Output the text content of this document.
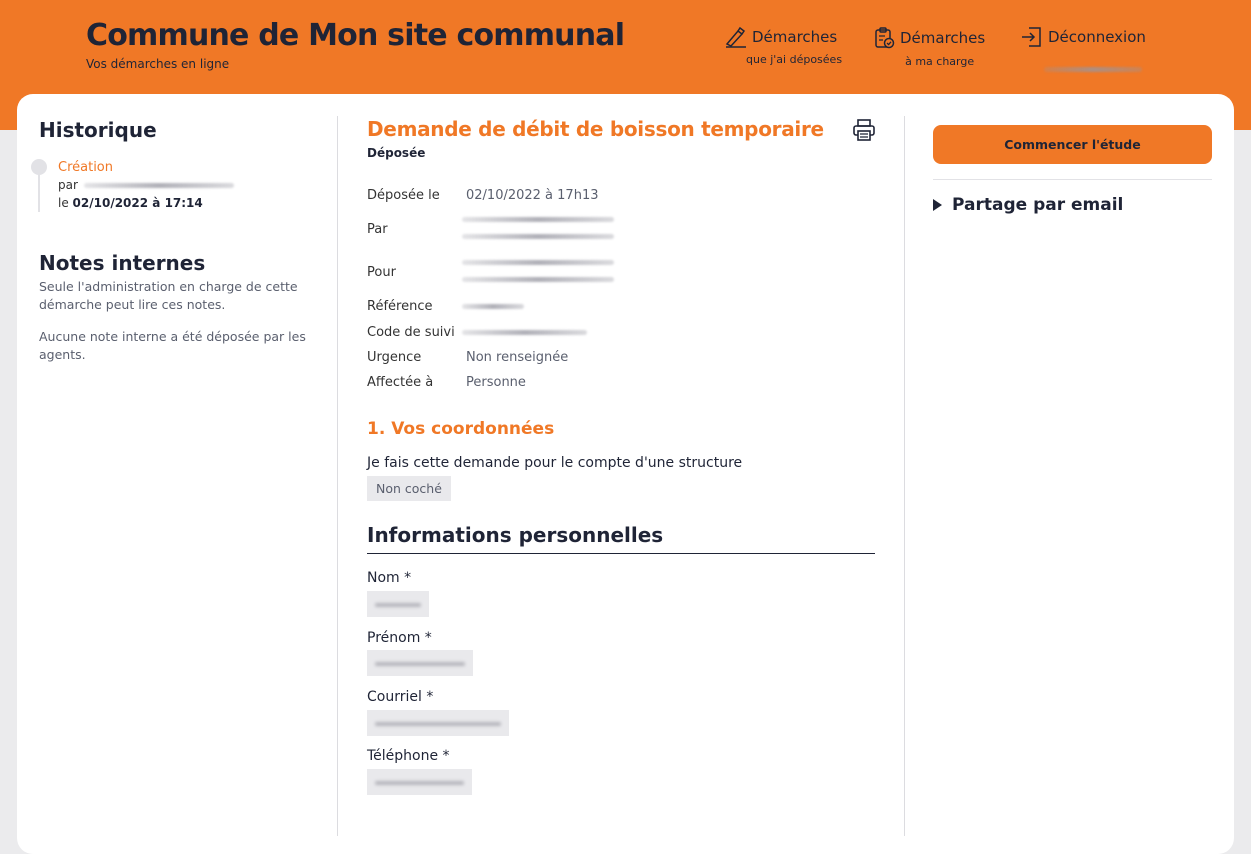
Commune de Mon site communal
Vos démarches en ligne
Démarches
que j'ai déposées
Démarches
à ma charge
Déconnexion
Historique
Création
par
le 02/10/2022 à 17:14
Notes internes

Seule l'administration en charge de cette démarche peut lire ces notes.

Aucune note interne a été déposée par les agents.

Demande de débit de boisson temporaire
Déposée
Déposée le 02/10/2022 à 17h13
Par
Pour
Référence
Code de suivi
Urgence	Non renseignée
Affectée à	Personne
1. Vos coordonnées
Je fais cette demande pour le compte d'une structure
Non coché
Informations personnelles
Nom *
Prénom *
Courriel *
Téléphone *
Commencer l'étude
Partage par email
